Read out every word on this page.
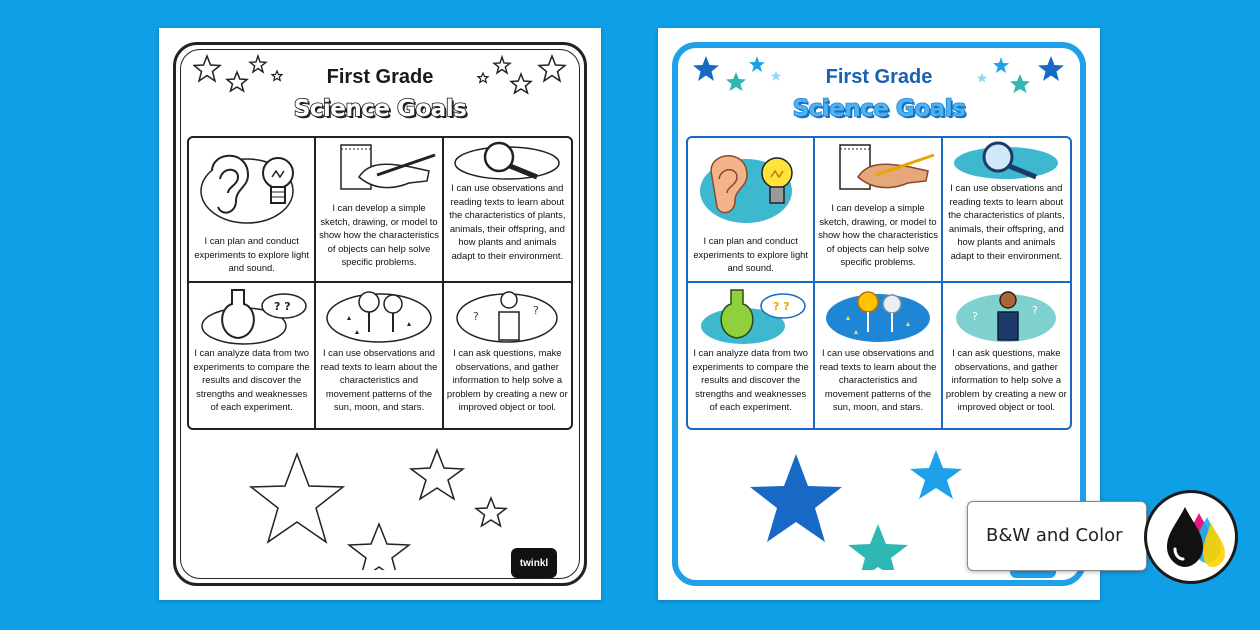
First Grade
Science Goals
I can plan and conduct experiments to explore light and sound.
I can develop a simple sketch, drawing, or model to show how the characteristics of objects can help solve specific problems.
I can use observations and reading texts to learn about the characteristics of plants, animals, their offspring, and how plants and animals adapt to their environment.
? ?
I can analyze data from two experiments to compare the results and discover the strengths and weaknesses of each experiment.
I can use observations and read texts to learn about the characteristics and movement patterns of the sun, moon, and stars.
?	?
I can ask questions, make observations, and gather information to help solve a problem by creating a new or improved object or tool.
twinkl
First Grade
Science Goals
I can plan and conduct experiments to explore light and sound.
I can develop a simple sketch, drawing, or model to show how the characteristics of objects can help solve specific problems.
I can use observations and reading texts to learn about the characteristics of plants, animals, their offspring, and how plants and animals adapt to their environment.
? ?
I can analyze data from two experiments to compare the results and discover the strengths and weaknesses of each experiment.
I can use observations and read texts to learn about the characteristics and movement patterns of the sun, moon, and stars.
?	?
I can ask questions, make observations, and gather information to help solve a problem by creating a new or improved object or tool.
B&W and Color
